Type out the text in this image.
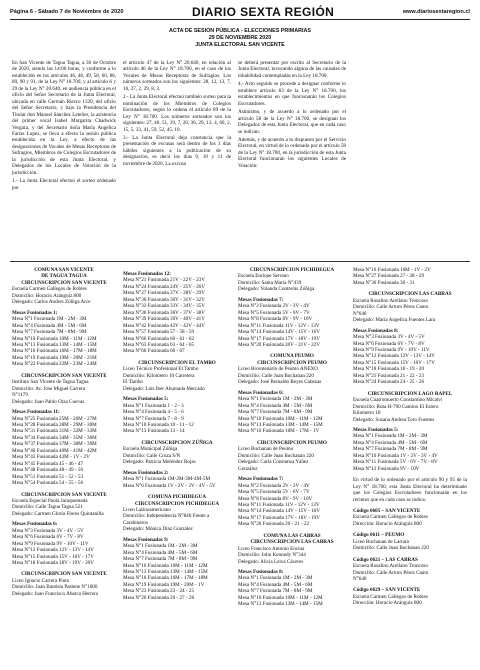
Página 6 - Sábado 7 de Noviembre de 2020	DIARIO SEXTA REGIÓN	www.diariosextaregion.cl
ACTA DE SESION PÚBLICA - ELECCIONES PRIMARIAS
29 DE NOVIEMBRE 2020
JUNTA ELECTORAL SAN VICENTE

En San Vicente de Tagua Tagua, a 30 de Octubre de 2020, siendo las 14:00 horas, y conforme a lo establecido en los artículos 46, 48, 49, 58, 60, 88, 89, 90 y 91, de la Ley N° 18.700, y al artículo 6 y 29 de la Ley N° 20.640, en audiencia pública en el oficio del Señor Secretario de la Junta Electoral, ubicada en calle Germán Riesco 1320, del oficio del Señor Secretario, y bajo la Presidencia del Titular don Manuel Sánchez Letelier, la asistencia del primer vocal Isabel Margarita Chadwick Vergara, y del Secretario doña María Angélica Farías Lopez, se lleva a efecto la sesión pública establecida en la Ley, a efecto de las designaciones de Vocales de Mesas Receptoras de Sufragios, Miembros de Colegios Escrutadores de la jurisdicción de esta Junta Electoral, y Delegados de los Locales de Votación de la jurisdicción.

1.- La Junta Electoral efectuó el sorteo ordenado por

el artículo 47 de la Ley N° 20.640, en relación al artículo 46 de la Ley N° 18.700, en el caso de los Vocales de Mesas Receptoras de Sufragios. Los números sorteados son los siguientes: 28, 12, 13, 7, 16, 27, 2, 29, 8, 3.

2.- La Junta Electoral efectuó también sorteo para la nominación de los Miembros de Colegios Escrutadores, según lo ordena el artículo 89 de la Ley N° 18.700. Los números sorteados son los siguientes: 27, 40, 51, 19, 7, 20, 36, 29, 13, 4, 60, 2, 15, 5, 33, 41, 59, 52, 45, 10.

3.- La Junta Electoral deja constancia que la presentación de excusas será dentro de los 3 días hábiles siguientes a la publicación de su designación, es decir los días 9, 10 y 11 de noviembre de 2020. La excusa

se deberá presentar por escrito al Secretario de la Junta Electoral, invocando alguna de las causales de inhabilidad contempladas en la Ley 18.700.

4.- Acto seguido se procede a designar conforme lo establece artículo 83 de la Ley N° 18.700, los establecimientos en que funcionarán los Colegios Escrutadores.

Asimismo, y de acuerdo a lo ordenado por el artículo 58 de la Ley N° 18.700, se designan los Delegados de esta Junta Electoral, que en cada caso se indican.

Además, y de acuerdo a lo dispuesto por el Servicio Electoral, en virtud de lo ordenado por el artículo 58 de la Ley N° 18.700, en la jurisdicción de esta Junta Electoral funcionarán los siguientes Locales de Votación:

COMUNA SAN VICENTE
DE TAGUA TAGUA
CIRCUNSCRIPCION SAN VICENTE
Escuela Carmen Gallegos de Robles
Domicilio: Horacio Aránguiz 800
Delegado: Carlos Andres Zúñiga Arce
Mesas Fusionadas 1:
Mesa N°1 Fusionada 1M - 2M - 3M
Mesa N°4 Fusionada 4M - 5M - 6M
Mesa N°7 Fusionada 7M - 8M - 9M
Mesa N°10 Fusionada 10M - 11M - 12M
Mesa N°13 Fusionada 13M - 14M - 15M
Mesa N°16 Fusionada 16M - 17M - 18M
Mesa N°19 Fusionada 19M - 20M - 21M
Mesa N°22 Fusionada 22M - 23M - 24M
CIRCUNSCRIPCION SAN VICENTE
Instituto San Vicente de Tagua Tagua
Domicilio: Av. Jose Miguel Carrera
N°1179
Delegado: Juan Pablo Oiza Cuevas
Mesas Fusionadas 11:
Mesa N°25 Fusionada 25M - 26M - 27M
Mesa N°28 Fusionada 28M - 29M - 30M
Mesa N°31 Fusionada 31M - 32M - 33M
Mesa N°34 Fusionada 34M - 35M - 36M
Mesa N°37 Fusionada 37M - 38M - 39M
Mesa N°40 Fusionada 40M - 41M - 42M
Mesa N°43 Fusionada 43M - 1V - 2V
Mesa N°45 Fusionada 45 - 46 - 47
Mesa N°48 Fusionada 48 - 49 - 50
Mesa N°51 Fusionada 51 - 52 - 53
Mesa N°54 Fusionada 54 - 55 - 56
CIRCUNSCRIPCION SAN VICENTE
Escuela Especial Paula Jaraquemada
Domicilio: Calle Tagua Tagua 521
Delegado: Carmen Gloria Flores Quintanilla
Mesas Fusionadas 6:
Mesa N°3 Fusionada 3V - 4V - 5V
Mesa N°6 Fusionada 6V - 7V - 8V
Mesa N°9 Fusionada 9V - 10V - 11V
Mesa N°12 Fusionada 12V - 13V - 14V
Mesa N°15 Fusionada 15V - 16V - 17V
Mesa N°18 Fusionada 18V - 19V - 20V
CIRCUNSCRIPCION SAN VICENTE
Liceo Ignacio Carrera Pinto
Domicilio: Juan Bautista Pastene N°1000
Delegado: Juan Francisco Abarca Herrera
Mesas Fusionadas 12:
Mesa N°21 Fusionada 21V - 22V - 23V
Mesa N°24 Fusionada 24V - 25V - 26V
Mesa N°27 Fusionada 27V - 28V - 29V
Mesa N°30 Fusionada 30V - 31V - 32V
Mesa N°33 Fusionada 33V - 34V - 35V
Mesa N°36 Fusionada 36V - 37V - 38V
Mesa N°39 Fusionada 39V - 40V - 41V
Mesa N°42 Fusionada 42V - 43V - 44V
Mesa N°57 Fusionada 57 - 58 - 59
Mesa N°60 Fusionada 60 - 61 - 62
Mesa N°63 Fusionada 63 - 64 - 65
Mesa N°66 Fusionada 66 - 67
CIRCUNSCRIPCION EL TAMBO
Liceo Técnico Profesional El Tambo
Domicilio: Kilometro 10 Carretera
El Tambo
Delegado: Luis Iber Ahumada Mercado
Mesas Fusionadas 5:
Mesa N°1 Fusionada 1 - 2 - 3
Mesa N°4 Fusionada 4 - 5 - 6
Mesa N°7 Fusionada 7 - 8 - 9
Mesa N°10 Fusionada 10 - 11 - 12
Mesa N°13 Fusionada 13 - 14
CIRCUNSCRIPCION ZÚÑIGA
Escuela Municipal Zúñiga
Domicilio: Calle Cruza S/N
Delegado: Patricia Meléndez Rojas
Mesas Fusionadas 2:
Mesa N°1 Fusionada 1M-2M-3M-4M-5M
Mesa N°6 Fusionada 1V - 2V - 3V - 4V - 5V
COMUNA PICHIDEGUA
CIRCUNSCRIPCION PICHIDEGUA
Liceo Latinoamericano
Domicilio: Independencia N°840 Frente a
Carabineros
Delegado: Mónica Díaz González
Mesas Fusionadas 9:
Mesa N°1 Fusionada 1M - 2M - 3M
Mesa N°4 Fusionada 4M - 5M - 6M
Mesa N°7 Fusionada 7M - 8M - 9M
Mesa N°10 Fusionada 10M - 11M - 12M
Mesa N°13 Fusionada 13M - 14M - 15M
Mesa N°16 Fusionada 16M - 17M - 18M
Mesa N°19 Fusionada 19M - 20M - 1V
Mesa N°23 Fusionada 23 - 24 - 25
Mesa N°26 Fusionada 26 - 27 - 28
CIRCUNSCRIPCION PICHIDEGUA
Escuela Enrique Serrano
Domicilio: Santa María N°439
Delegado: Yolanda Contreras Zúñiga
Mesas Fusionadas 7:
Mesa N°2 Fusionada 2V - 3V - 4V
Mesa N°5 Fusionada 5V - 6V - 7V
Mesa N°8 Fusionada 8V - 9V - 10V
Mesa N°11 Fusionada 11V - 12V - 13V
Mesa N°14 Fusionada 14V - 15V - 16V
Mesa N°17 Fusionada 17V - 18V - 19V
Mesa N°20 Fusionada 20V - 21V - 22V
COMUNA PEUMO
CIRCUNSCRIPCION PEUMO
Liceo Bicentenario de Peumo ANEXO
Domicilio: Calle Juan Buchanan 220
Delegado: José Reinaldo Reyes Cabezas
Mesas Fusionadas 6:
Mesa N°1 Fusionada 1M - 2M - 3M
Mesa N°4 Fusionada 4M - 5M - 6M
Mesa N°7 Fusionada 7M - 8M - 9M
Mesa N°10 Fusionada 10M - 11M - 12M
Mesa N°13 Fusionada 13M - 14M - 15M
Mesa N°16 Fusionada 16M - 17M - 1V
CIRCUNSCRIPCION PEUMO
Liceo Buchanan de Peumo
Domicilio: Calle Juan Buchanan 220
Delegado: Carla Constanza Yáñez
González
Mesas Fusionadas 7:
Mesa N°2 Fusionada 2V - 3V - 4V
Mesa N°5 Fusionada 5V - 6V - 7V
Mesa N°8 Fusionada 8V - 9V - 10V
Mesa N°11 Fusionada 11V - 12V - 13V
Mesa N°14 Fusionada 14V - 15V - 16V
Mesa N°17 Fusionada 17V - 18V - 19V
Mesa N°20 Fusionada 20 - 21 - 22
COMUNA LAS CABRAS
CIRCUNSCRIPCION LAS CABRAS
Liceo Francisco Antonio Encina
Domicilio: John Kennedy N°344
Delegado: Alicia Leiva Cáceres
Mesas Fusionadas 8:
Mesa N°1 Fusionada 1M - 2M - 3M
Mesa N°4 Fusionada 4M - 5M - 6M
Mesa N°7 Fusionada 7M - 8M - 9M
Mesa N°10 Fusionada 10M - 11M - 12M
Mesa N°13 Fusionada 13M - 14M - 15M
Mesa N°16 Fusionada 16M - 1V - 2V
Mesa N°27 Fusionada 27 - 28 - 29
Mesa N°30 Fusionada 30 - 31
CIRCUNSCRIPCION LAS CABRAS
Escuela Rosalino Arellano Troncoso
Domicilio: Calle Arturo Pérez Canto
N°640
Delegado: María Angelica Fuentes Lara
Mesas Fusionadas 8:
Mesa N°3 Fusionada 3V - 4V - 5V
Mesa N°6 Fusionada 6V - 7V - 8V
Mesa N°9 Fusionada 9V - 10V - 11V
Mesa N°12 Fusionada 12V - 13V - 14V
Mesa N°15 Fusionada 15V - 16V - 17V
Mesa N°18 Fusionada 18 - 19 - 20
Mesa N°21 Fusionada 21 - 22 - 23
Mesa N°24 Fusionada 24 - 25 - 26
CIRCUNSCRIPCION LAGO RAPEL
Escuela Cuatromuerto Constantino Micalvi
Domicilio: Ruta H-790 Camino El Estero
Kilometro 18
Delegado: Susana Andrea Toro Fuentes
Mesas Fusionadas 5:
Mesa N°1 Fusionada 1M - 2M - 3M
Mesa N°4 Fusionada 4M - 5M - 6M
Mesa N°7 Fusionada 7M - 8M - 9M
Mesa N°10 Fusionada 1V - 2V - 3V - 4V
Mesa N°11 Fusionada 5V - 6V - 7V - 8V
Mesa N°12 Fusionada 9V - 10V
En virtud de lo ordenado por el artículo 90 y 95 de la Ley N° 18.700, esta Junta Electoral ha determinado que los Colegios Escrutadores funcionarán en los recintos que en cada caso se indica:
Código 0605 – SAN VICENTE
Escuela Carmen Gallegos de Robles
Dirección: Horacio Aránguiz 800
Código 0611 – PEUMO
Liceo Buchanan de Larraín
Domicilio: Calle Juan Buchanan 220
Código 0621 – LAS CABRAS
Escuela Rosalino Arellano Troncoso
Domicilio: Calle Arturo Pérez Canto
N°640
Código 0629 – SAN VICENTE
Escuela Carmen Gallegos de Robles
Dirección: Horacio Aránguiz 800
